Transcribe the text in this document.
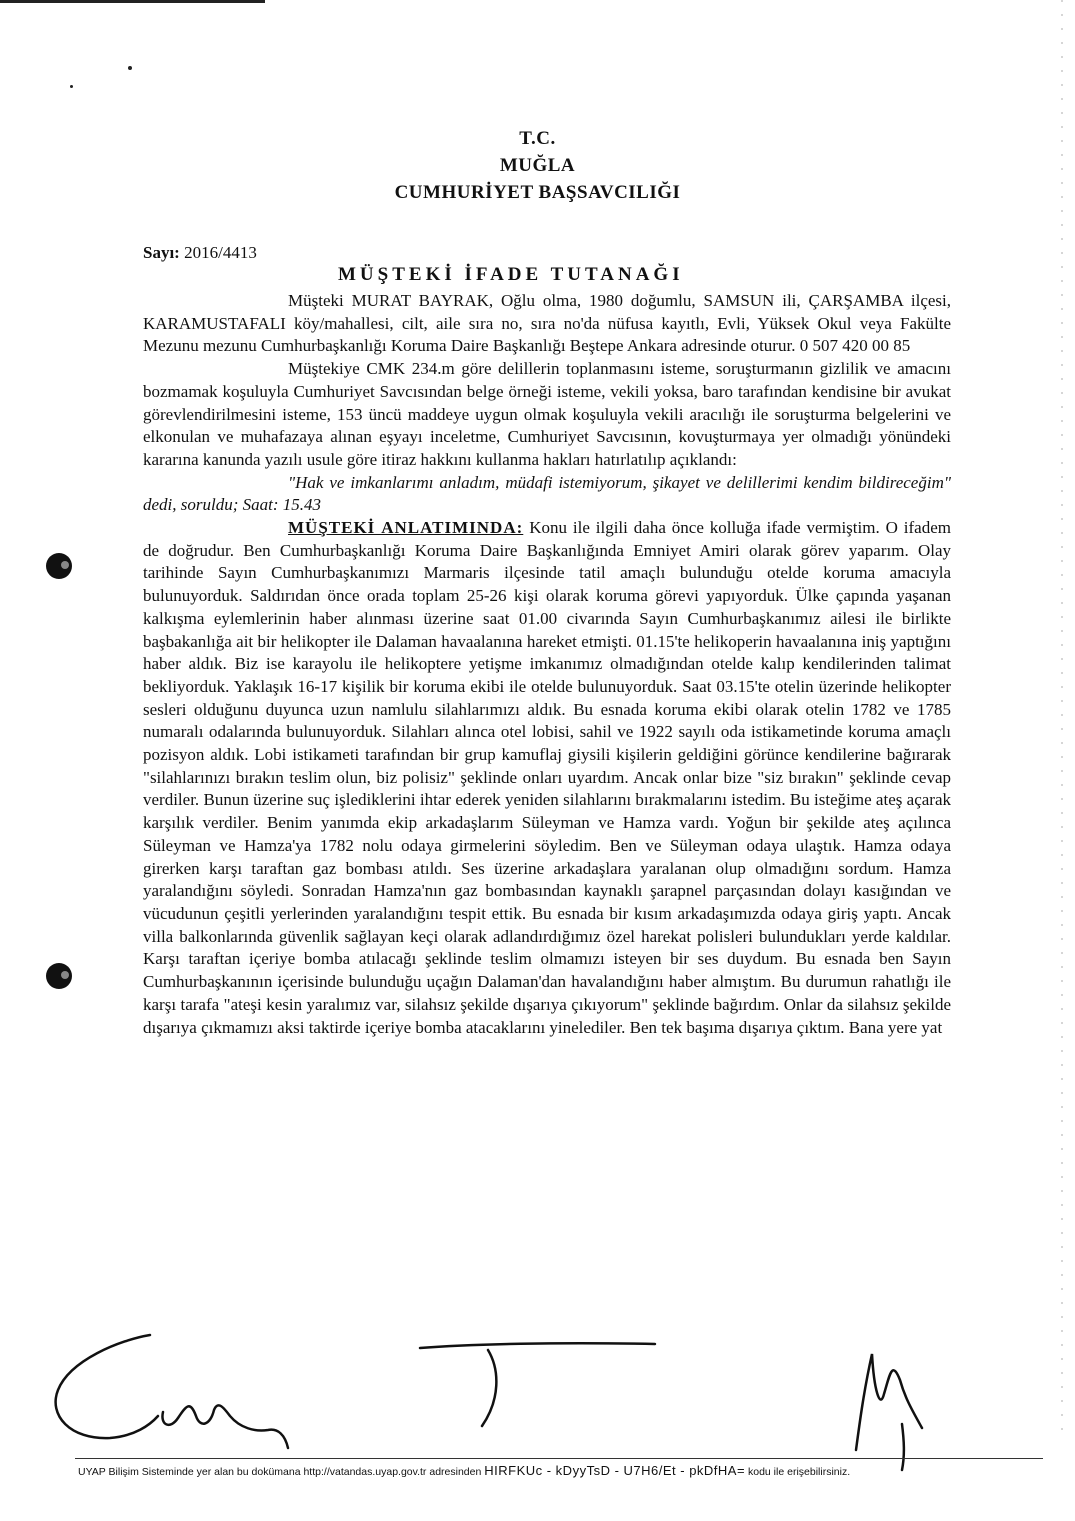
T.C.
MUĞLA
CUMHURİYET BAŞSAVCILIĞI
Sayı: 2016/4413
MÜŞTEKİ İFADE TUTANAĞI

Müşteki MURAT BAYRAK, Oğlu olma, 1980 doğumlu, SAMSUN ili, ÇARŞAMBA ilçesi, KARAMUSTAFALI köy/mahallesi, cilt, aile sıra no, sıra no'da nüfusa kayıtlı, Evli, Yüksek Okul veya Fakülte Mezunu mezunu Cumhurbaşkanlığı Koruma Daire Başkanlığı Beştepe Ankara adresinde oturur. 0 507 420 00 85

Müştekiye CMK 234.m göre delillerin toplanmasını isteme, soruşturmanın gizlilik ve amacını bozmamak koşuluyla Cumhuriyet Savcısından belge örneği isteme, vekili yoksa, baro tarafından kendisine bir avukat görevlendirilmesini isteme, 153 üncü maddeye uygun olmak koşuluyla vekili aracılığı ile soruşturma belgelerini ve elkonulan ve muhafazaya alınan eşyayı inceletme, Cumhuriyet Savcısının, kovuşturmaya yer olmadığı yönündeki kararına kanunda yazılı usule göre itiraz hakkını kullanma hakları hatırlatılıp açıklandı:

"Hak ve imkanlarımı anladım, müdafi istemiyorum, şikayet ve delillerimi kendim bildireceğim" dedi, soruldu; Saat: 15.43

MÜŞTEKİ ANLATIMINDA: Konu ile ilgili daha önce kolluğa ifade vermiştim. O ifadem de doğrudur. Ben Cumhurbaşkanlığı Koruma Daire Başkanlığında Emniyet Amiri olarak görev yaparım. Olay tarihinde Sayın Cumhurbaşkanımızı Marmaris ilçesinde tatil amaçlı bulunduğu otelde koruma amacıyla bulunuyorduk. Saldırıdan önce orada toplam 25-26 kişi olarak koruma görevi yapıyorduk. Ülke çapında yaşanan kalkışma eylemlerinin haber alınması üzerine saat 01.00 civarında Sayın Cumhurbaşkanımız ailesi ile birlikte başbakanlığa ait bir helikopter ile Dalaman havaalanına hareket etmişti. 01.15'te helikoperin havaalanına iniş yaptığını haber aldık. Biz ise karayolu ile helikoptere yetişme imkanımız olmadığından otelde kalıp kendilerinden talimat bekliyorduk. Yaklaşık 16-17 kişilik bir koruma ekibi ile otelde bulunuyorduk. Saat 03.15'te otelin üzerinde helikopter sesleri olduğunu duyunca uzun namlulu silahlarımızı aldık. Bu esnada koruma ekibi olarak otelin 1782 ve 1785 numaralı odalarında bulunuyorduk. Silahları alınca otel lobisi, sahil ve 1922 sayılı oda istikametinde koruma amaçlı pozisyon aldık. Lobi istikameti tarafından bir grup kamuflaj giysili kişilerin geldiğini görünce kendilerine bağırarak "silahlarınızı bırakın teslim olun, biz polisiz" şeklinde onları uyardım. Ancak onlar bize "siz bırakın" şeklinde cevap verdiler. Bunun üzerine suç işlediklerini ihtar ederek yeniden silahlarını bırakmalarını istedim. Bu isteğime ateş açarak karşılık verdiler. Benim yanımda ekip arkadaşlarım Süleyman ve Hamza vardı. Yoğun bir şekilde ateş açılınca Süleyman ve Hamza'ya 1782 nolu odaya girmelerini söyledim. Ben ve Süleyman odaya ulaştık. Hamza odaya girerken karşı taraftan gaz bombası atıldı. Ses üzerine arkadaşlara yaralanan olup olmadığını sordum. Hamza yaralandığını söyledi. Sonradan Hamza'nın gaz bombasından kaynaklı şarapnel parçasından dolayı kasığından ve vücudunun çeşitli yerlerinden yaralandığını tespit ettik. Bu esnada bir kısım arkadaşımızda odaya giriş yaptı. Ancak villa balkonlarında güvenlik sağlayan keçi olarak adlandırdığımız özel harekat polisleri bulundukları yerde kaldılar. Karşı taraftan içeriye bomba atılacağı şeklinde teslim olmamızı isteyen bir ses duydum. Bu esnada ben Sayın Cumhurbaşkanının içerisinde bulunduğu uçağın Dalaman'dan havalandığını haber almıştım. Bu durumun rahatlığı ile karşı tarafa "ateşi kesin yaralımız var, silahsız şekilde dışarıya çıkıyorum" şeklinde bağırdım. Onlar da silahsız şekilde dışarıya çıkmamızı aksi taktirde içeriye bomba atacaklarını yinelediler. Ben tek başıma dışarıya çıktım. Bana yere yat

UYAP Bilişim Sisteminde yer alan bu dokümana http://vatandas.uyap.gov.tr adresinden HIRFKUc - kDyyTsD - U7H6/Et - pkDfHA= kodu ile erişebilirsiniz.
